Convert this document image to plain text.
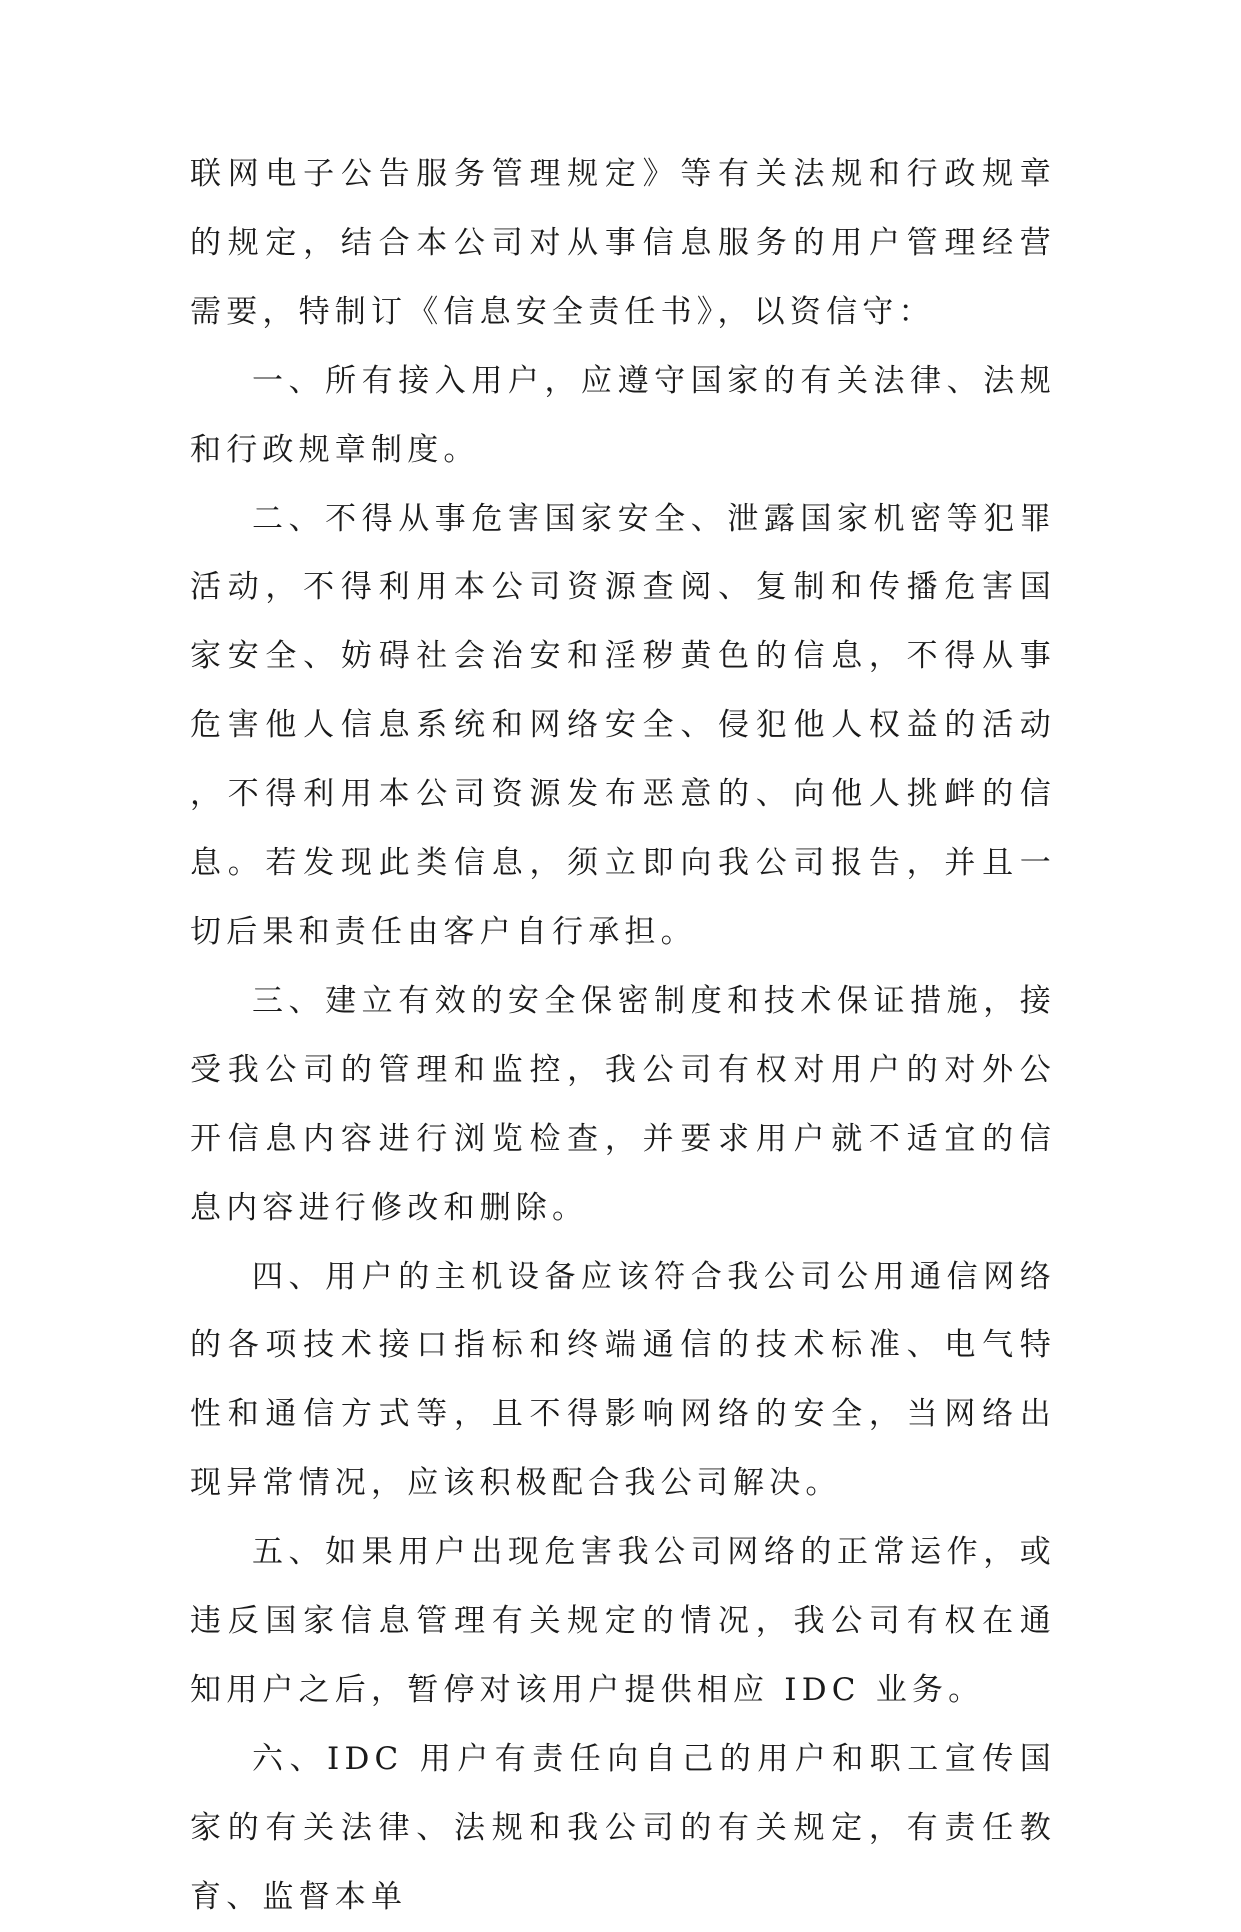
联网电子公告服务管理规定》等有关法规和行政规章的规定，结合本公司对从事信息服务的用户管理经营需要，特制订《信息安全责任书》，以资信守：

一、所有接入用户，应遵守国家的有关法律、法规和行政规章制度。

二、不得从事危害国家安全、泄露国家机密等犯罪活动，不得利用本公司资源查阅、复制和传播危害国家安全、妨碍社会治安和淫秽黄色的信息，不得从事危害他人信息系统和网络安全、侵犯他人权益的活动，不得利用本公司资源发布恶意的、向他人挑衅的信息。若发现此类信息，须立即向我公司报告，并且一切后果和责任由客户自行承担。

三、建立有效的安全保密制度和技术保证措施，接受我公司的管理和监控，我公司有权对用户的对外公开信息内容进行浏览检查，并要求用户就不适宜的信息内容进行修改和删除。

四、用户的主机设备应该符合我公司公用通信网络的各项技术接口指标和终端通信的技术标准、电气特性和通信方式等，且不得影响网络的安全，当网络出现异常情况，应该积极配合我公司解决。

五、如果用户出现危害我公司网络的正常运作，或违反国家信息管理有关规定的情况，我公司有权在通知用户之后，暂停对该用户提供相应 IDC 业务。

六、IDC 用户有责任向自己的用户和职工宣传国家的有关法律、法规和我公司的有关规定，有责任教育、监督本单
